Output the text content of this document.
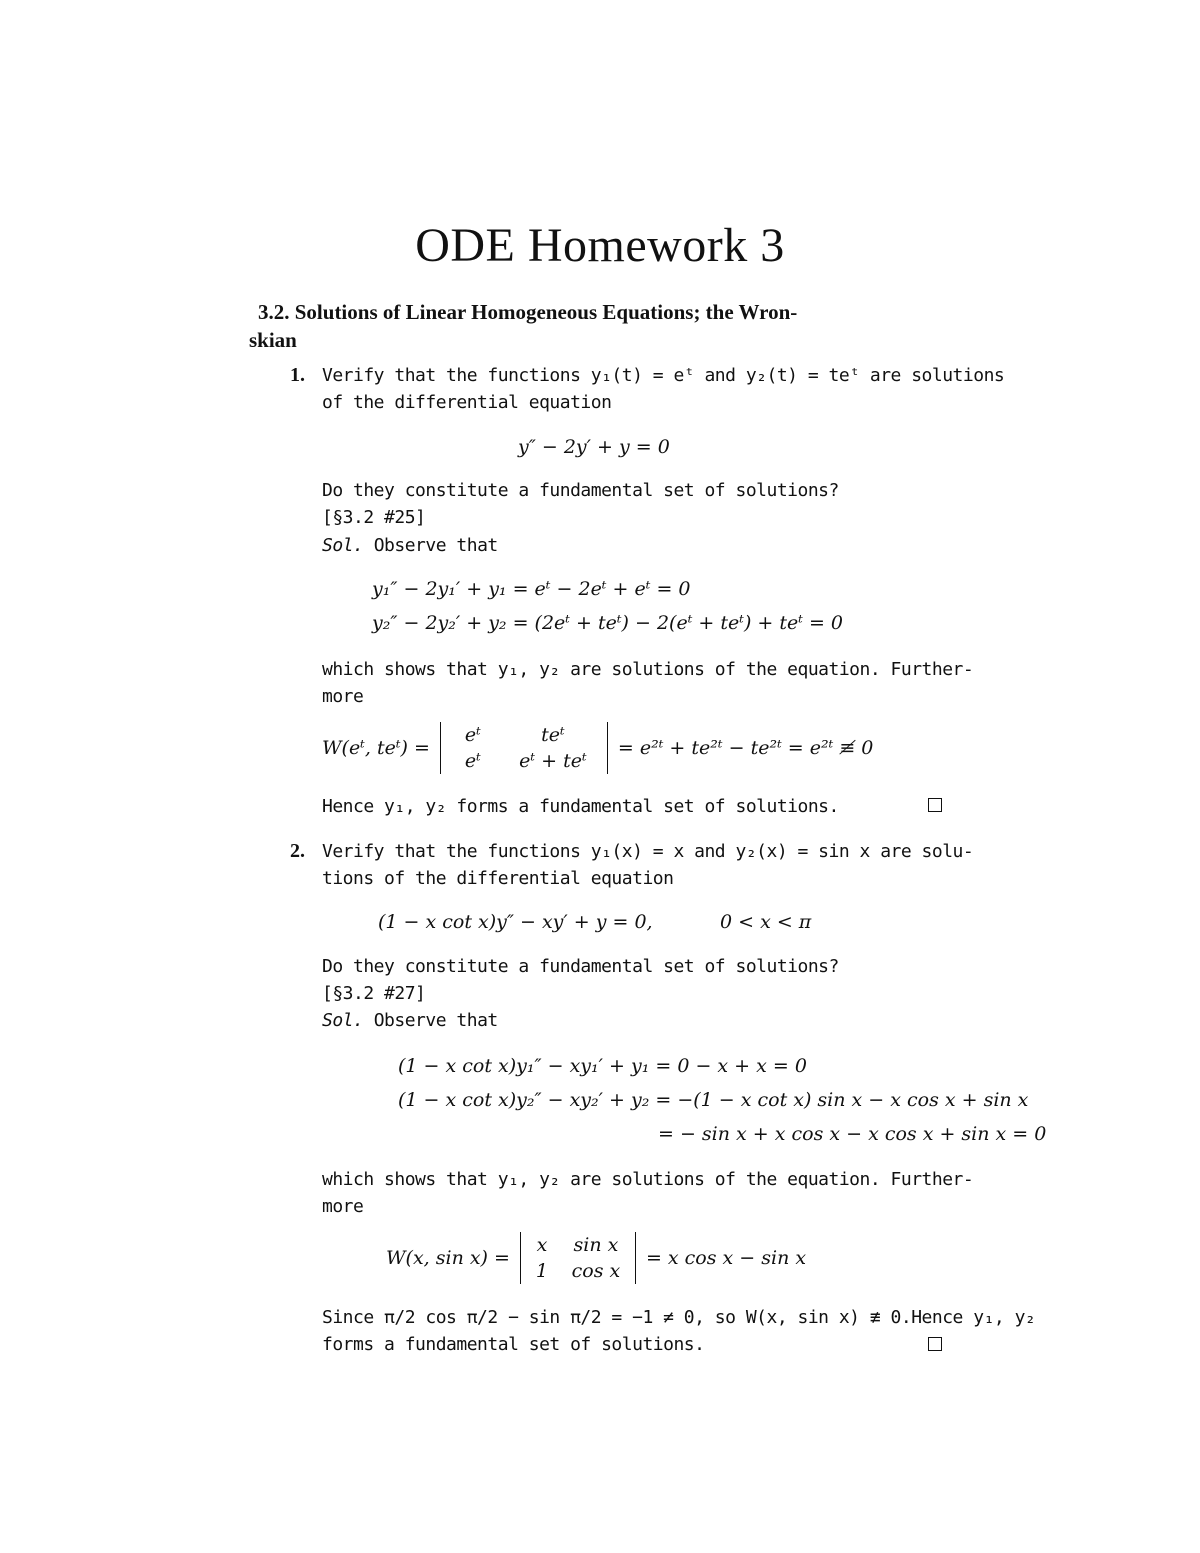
ODE Homework 3
3.2. Solutions of Linear Homogeneous Equations; the Wron-
skian
1. Verify that the functions y₁(t) = eᵗ and y₂(t) = teᵗ are solutions
of the differential equation
y″ − 2y′ + y = 0
Do they constitute a fundamental set of solutions?
[§3.2 #25]
Sol. Observe that
y₁″ − 2y₁′ + y₁ = eᵗ − 2eᵗ + eᵗ = 0
y₂″ − 2y₂′ + y₂ = (2eᵗ + teᵗ) − 2(eᵗ + teᵗ) + teᵗ = 0
which shows that y₁, y₂ are solutions of the equation. Further-
more
W(eᵗ, teᵗ) =
eᵗ	teᵗ
eᵗ	eᵗ + teᵗ
= e²ᵗ + te²ᵗ − te²ᵗ = e²ᵗ ≢ 0
Hence y₁, y₂ forms a fundamental set of solutions.
2. Verify that the functions y₁(x) = x and y₂(x) = sin x are solu-
tions of the differential equation
(1 − x cot x)y″ − xy′ + y = 0,	0 < x < π
Do they constitute a fundamental set of solutions?
[§3.2 #27]
Sol. Observe that
(1 − x cot x)y₁″ − xy₁′ + y₁ = 0 − x + x = 0
(1 − x cot x)y₂″ − xy₂′ + y₂ = −(1 − x cot x) sin x − x cos x + sin x
= − sin x + x cos x − x cos x + sin x = 0
which shows that y₁, y₂ are solutions of the equation. Further-
more
W(x, sin x) =
x sin x
1 cos x
= x cos x − sin x
Since π/2 cos π/2 − sin π/2 = −1 ≠ 0, so W(x, sin x) ≢ 0.Hence y₁, y₂
forms a fundamental set of solutions.
